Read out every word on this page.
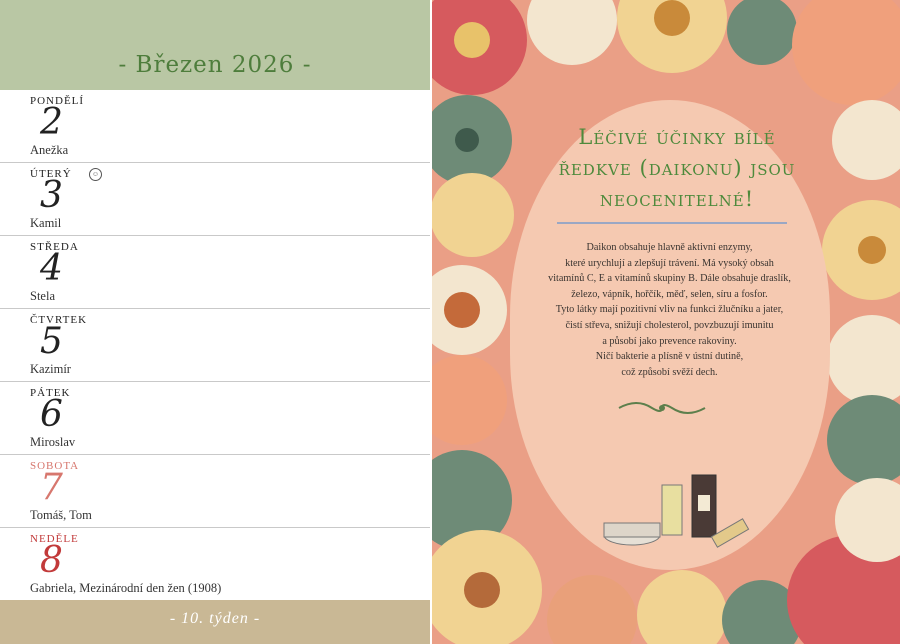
- Březen 2026 -
PONDĚLÍ
2
Anežka
ÚTERÝ	☺
3
Kamil
STŘEDA
4
Stela
ČTVRTEK
5
Kazimír
PÁTEK
6
Miroslav
SOBOTA
7
Tomáš, Tom
NEDĚLE
8
Gabriela, Mezinárodní den žen (1908)
- 10. týden -
Léčivé účinky bílé ředkve (daikonu) jsou neocenitelné!
Daikon obsahuje hlavně aktivní enzymy,
které urychlují a zlepšují trávení. Má vysoký obsah
vitamínů C, E a vitamínů skupiny B. Dále obsahuje draslík,
železo, vápník, hořčík, měď, selen, síru a fosfor.
Tyto látky mají pozitivní vliv na funkci žlučníku a jater,
čistí střeva, snižují cholesterol, povzbuzují imunitu
a působí jako prevence rakoviny.
Ničí bakterie a plísně v ústní dutině,
což způsobí svěží dech.
